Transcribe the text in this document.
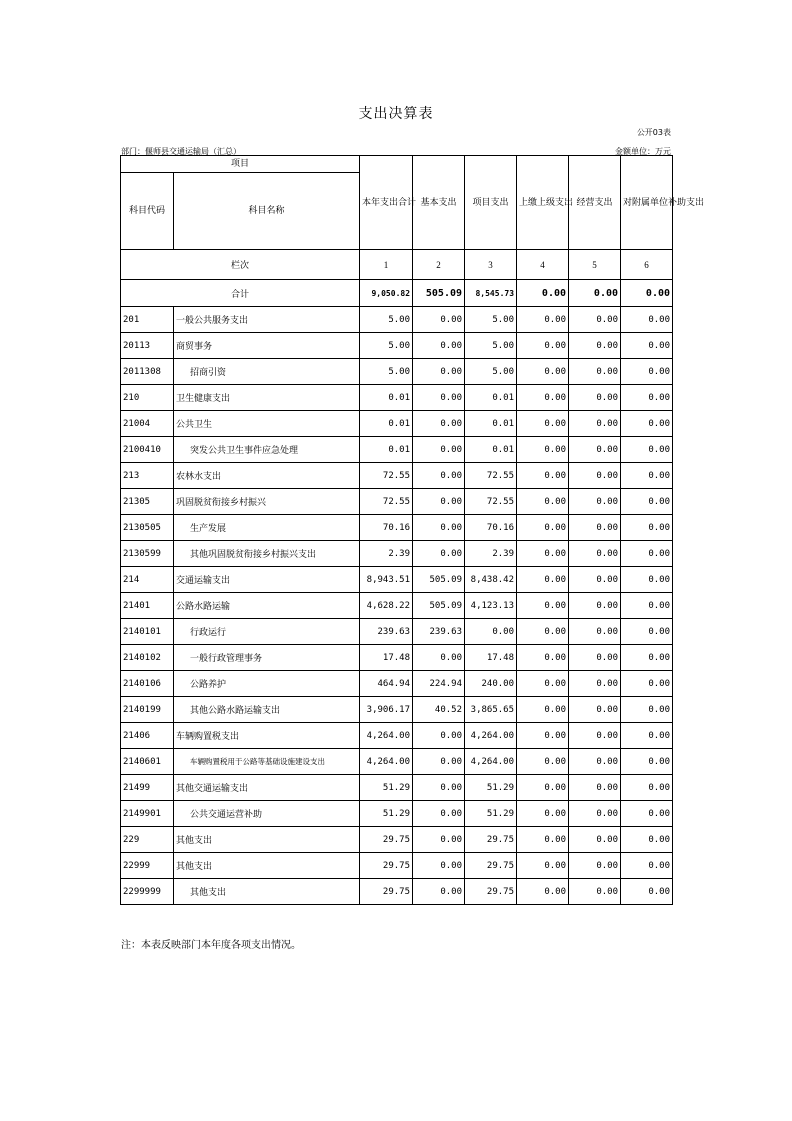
支出决算表
公开03表
部门：偃师县交通运输局（汇总）	金额单位：万元
项目		本年支出合计	基本支出	项目支出	上缴上级支出	经营支出	对附属单位补助支出
科目代码	科目名称						
栏次		1	2	3	4	5	6
合计		9,050.82	505.09	8,545.73	0.00	0.00	0.00
201	一般公共服务支出	5.00	0.00	5.00	0.00	0.00	0.00
20113	商贸事务	5.00	0.00	5.00	0.00	0.00	0.00
2011308	招商引资	5.00	0.00	5.00	0.00	0.00	0.00
210	卫生健康支出	0.01	0.00	0.01	0.00	0.00	0.00
21004	公共卫生	0.01	0.00	0.01	0.00	0.00	0.00
2100410	突发公共卫生事件应急处理	0.01	0.00	0.01	0.00	0.00	0.00
213	农林水支出	72.55	0.00	72.55	0.00	0.00	0.00
21305	巩固脱贫衔接乡村振兴	72.55	0.00	72.55	0.00	0.00	0.00
2130505	生产发展	70.16	0.00	70.16	0.00	0.00	0.00
2130599	其他巩固脱贫衔接乡村振兴支出	2.39	0.00	2.39	0.00	0.00	0.00
214	交通运输支出	8,943.51	505.09	8,438.42	0.00	0.00	0.00
21401	公路水路运输	4,628.22	505.09	4,123.13	0.00	0.00	0.00
2140101	行政运行	239.63	239.63	0.00	0.00	0.00	0.00
2140102	一般行政管理事务	17.48	0.00	17.48	0.00	0.00	0.00
2140106	公路养护	464.94	224.94	240.00	0.00	0.00	0.00
2140199	其他公路水路运输支出	3,906.17	40.52	3,865.65	0.00	0.00	0.00
21406	车辆购置税支出	4,264.00	0.00	4,264.00	0.00	0.00	0.00
2140601	车辆购置税用于公路等基础设施建设支出	4,264.00	0.00	4,264.00	0.00	0.00	0.00
21499	其他交通运输支出	51.29	0.00	51.29	0.00	0.00	0.00
2149901	公共交通运营补助	51.29	0.00	51.29	0.00	0.00	0.00
229	其他支出	29.75	0.00	29.75	0.00	0.00	0.00
22999	其他支出	29.75	0.00	29.75	0.00	0.00	0.00
2299999	其他支出	29.75	0.00	29.75	0.00	0.00	0.00
注：本表反映部门本年度各项支出情况。
